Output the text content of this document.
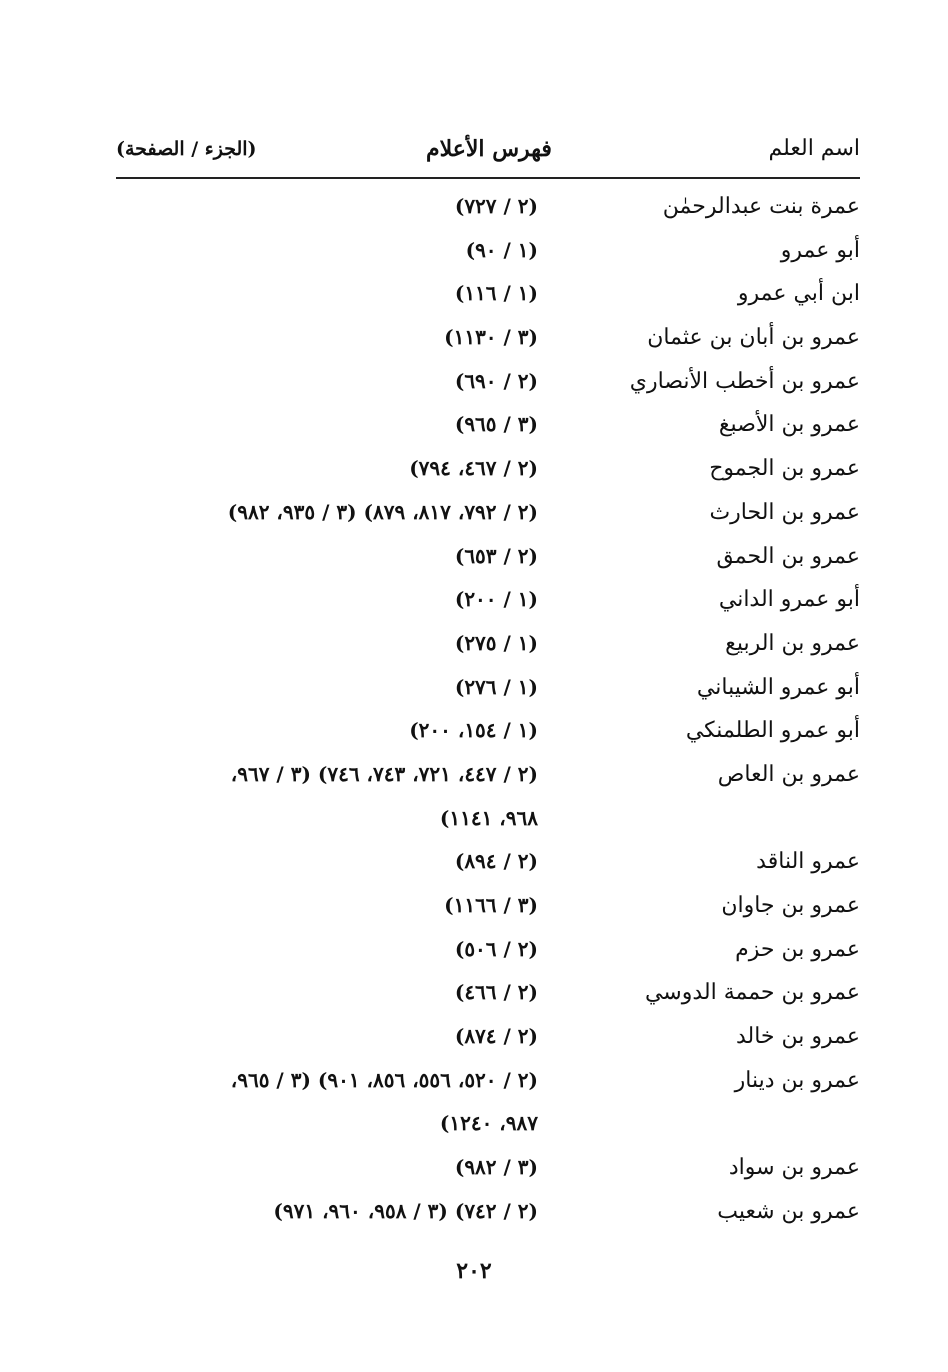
اسم العلم
فهرس الأعلام
(الجزء / الصفحة)
عمرة بنت عبدالرحمٰن
(٢ / ٧٢٧)
أبو عمرو
(١ / ٩٠)
ابن أبي عمرو
(١ / ١١٦)
عمرو بن أبان بن عثمان
(٣ / ١١٣٠)
عمرو بن أخطب الأنصاري
(٢ / ٦٩٠)
عمرو بن الأصبغ
(٣ / ٩٦٥)
عمرو بن الجموح
(٢ / ٤٦٧، ٧٩٤)
عمرو بن الحارث
(٢ / ٧٩٢، ٨١٧، ٨٧٩) (٣ / ٩٣٥، ٩٨٢)
عمرو بن الحمق
(٢ / ٦٥٣)
أبو عمرو الداني
(١ / ٢٠٠)
عمرو بن الربيع
(١ / ٢٧٥)
أبو عمرو الشيباني
(١ / ٢٧٦)
أبو عمرو الطلمنكي
(١ / ١٥٤، ٢٠٠)
عمرو بن العاص
(٢ / ٤٤٧، ٧٢١، ٧٤٣، ٧٤٦) (٣ / ٩٦٧،
٩٦٨، ١١٤١)
عمرو الناقد
(٢ / ٨٩٤)
عمرو بن جاوان
(٣ / ١١٦٦)
عمرو بن حزم
(٢ / ٥٠٦)
عمرو بن حممة الدوسي
(٢ / ٤٦٦)
عمرو بن خالد
(٢ / ٨٧٤)
عمرو بن دينار
(٢ / ٥٢٠، ٥٥٦، ٨٥٦، ٩٠١) (٣ / ٩٦٥،
٩٨٧، ١٢٤٠)
عمرو بن سواد
(٣ / ٩٨٢)
عمرو بن شعيب
(٢ / ٧٤٢) (٣ / ٩٥٨، ٩٦٠، ٩٧١)
٢٠٢
